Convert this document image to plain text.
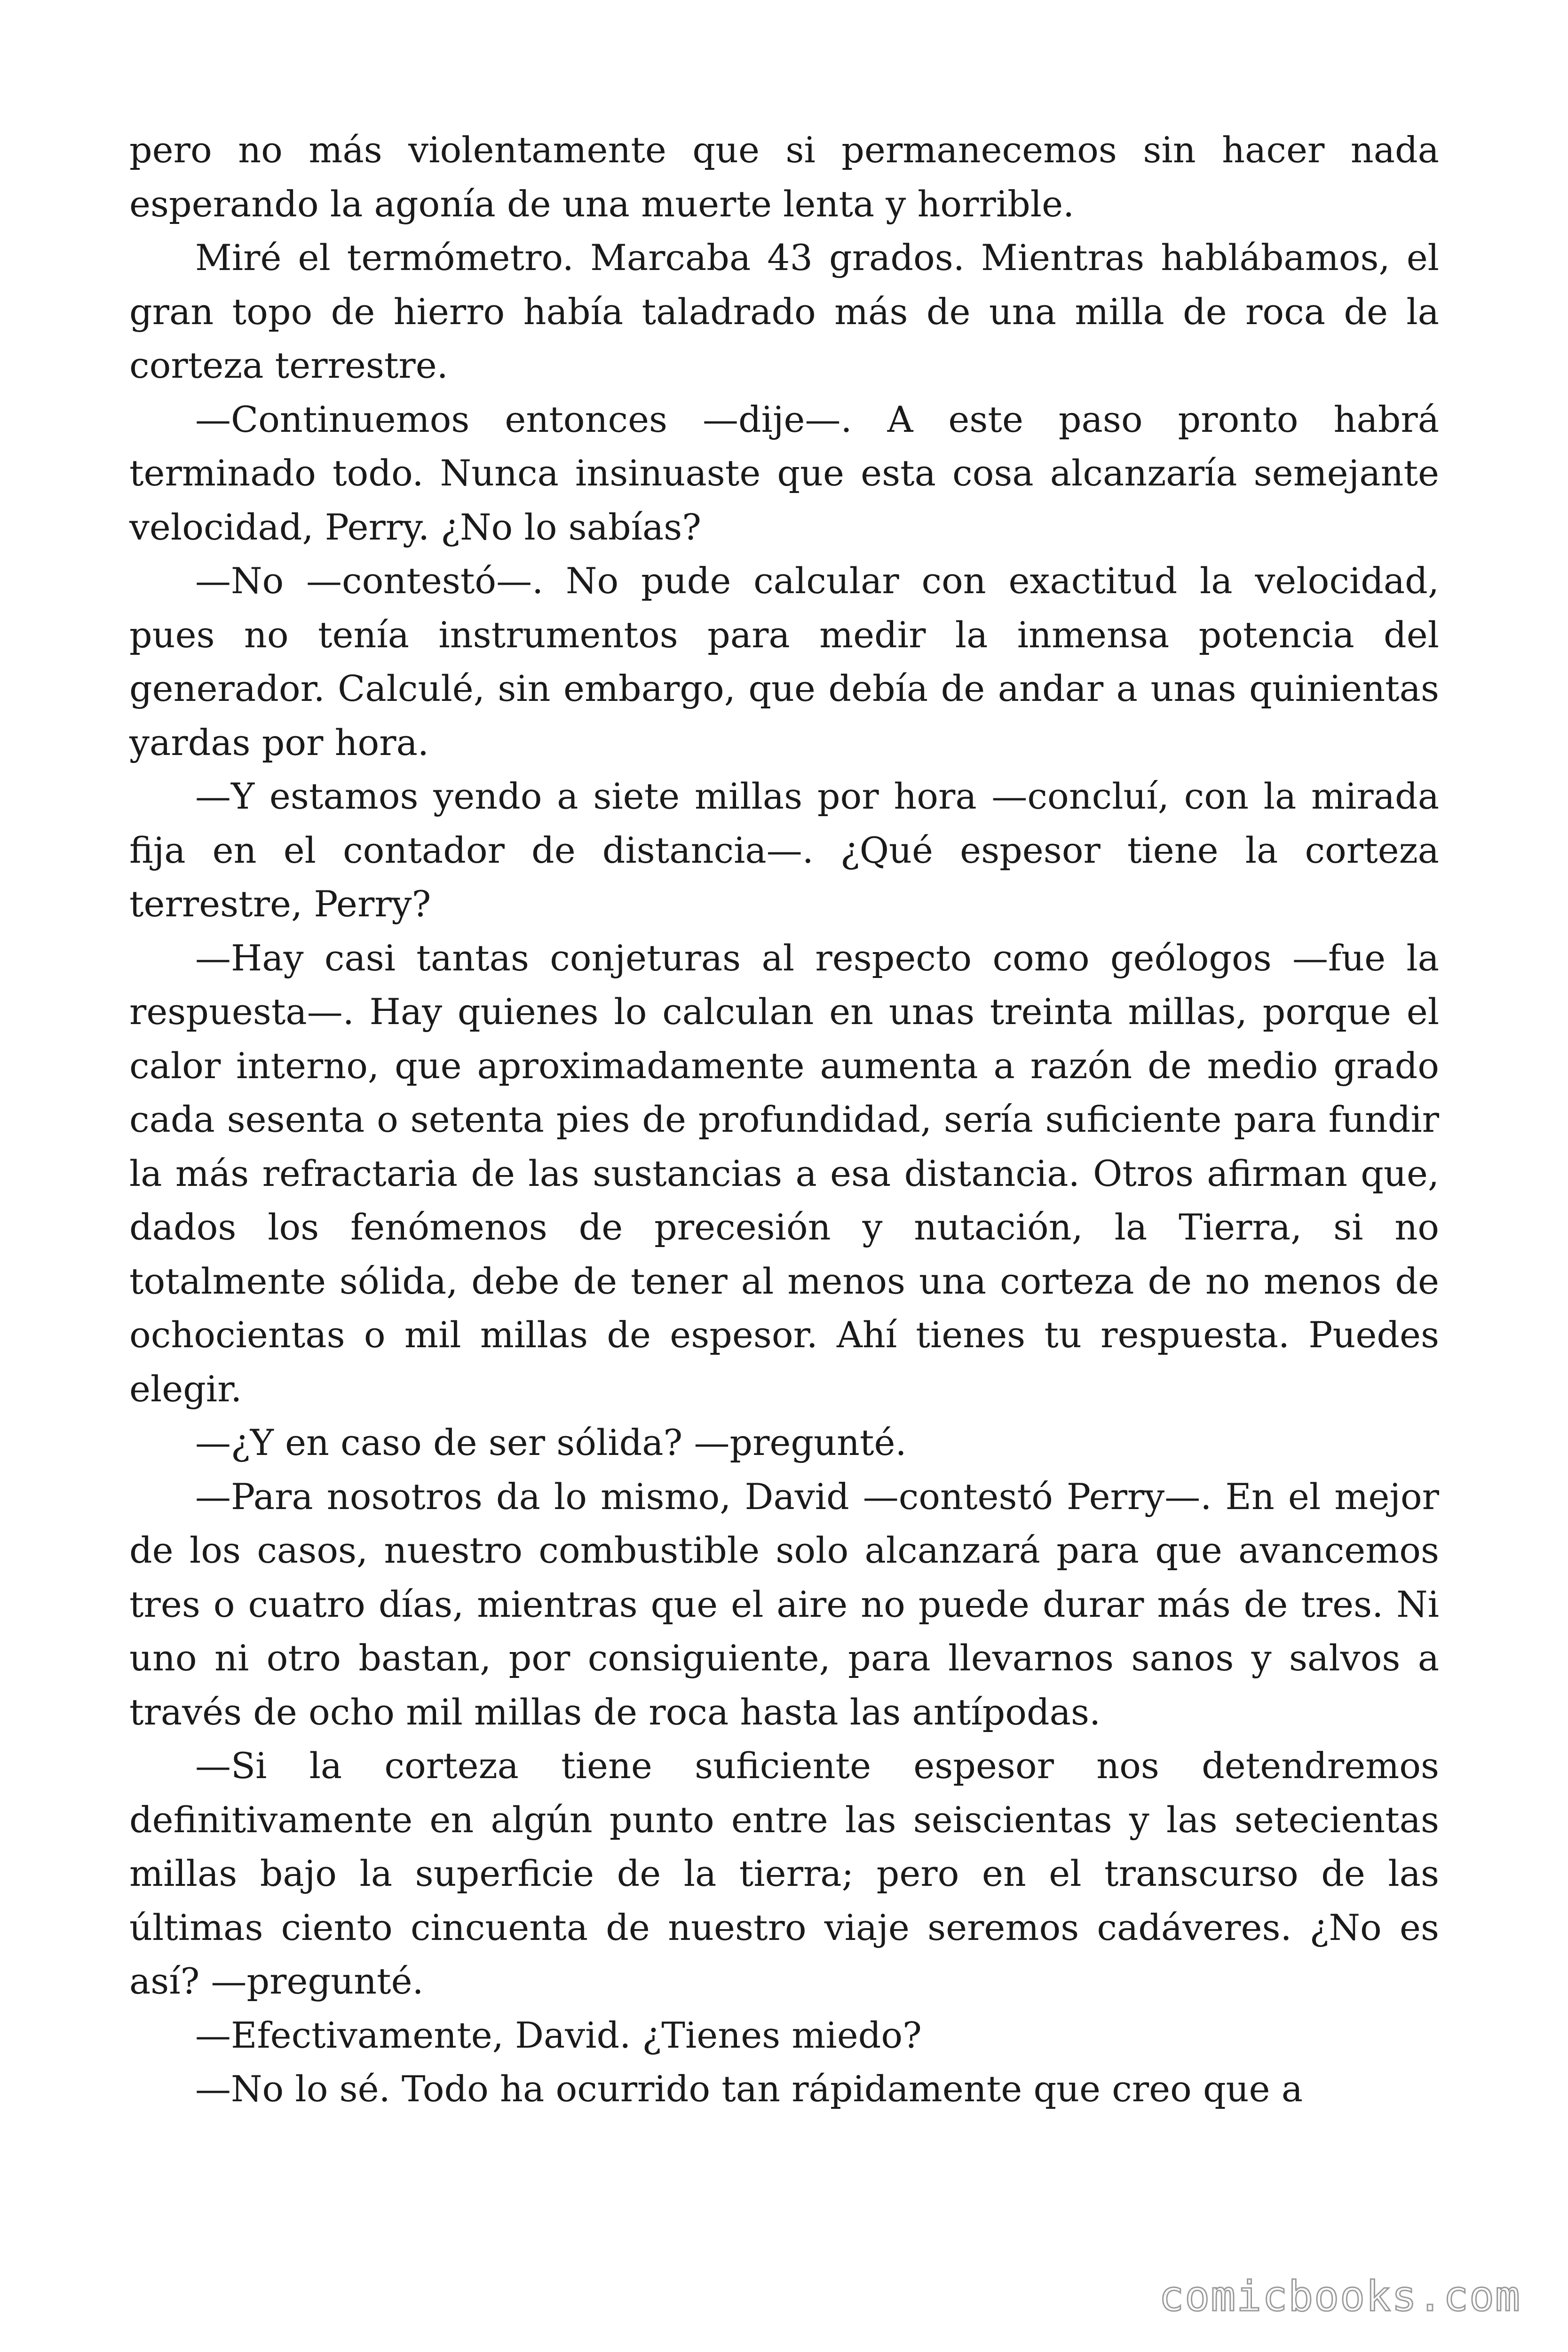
pero no más violentamente que si permanecemos sin hacer nada esperando la agonía de una muerte lenta y horrible.

Miré el termómetro. Marcaba 43 grados. Mientras hablábamos, el gran topo de hierro había taladrado más de una milla de roca de la corteza terrestre.

—Continuemos entonces —dije—. A este paso pronto habrá terminado todo. Nunca insinuaste que esta cosa alcanzaría semejante velocidad, Perry. ¿No lo sabías?

—No —contestó—. No pude calcular con exactitud la velocidad, pues no tenía instrumentos para medir la inmensa potencia del generador. Calculé, sin embargo, que debía de andar a unas quinientas yardas por hora.

—Y estamos yendo a siete millas por hora —concluí, con la mirada fija en el contador de distancia—. ¿Qué espesor tiene la corteza terrestre, Perry?

—Hay casi tantas conjeturas al respecto como geólogos —fue la respuesta—. Hay quienes lo calculan en unas treinta millas, porque el calor interno, que aproximadamente aumenta a razón de medio grado cada sesenta o setenta pies de profundidad, sería suficiente para fundir la más refractaria de las sustancias a esa distancia. Otros afirman que, dados los fenómenos de precesión y nutación, la Tierra, si no totalmente sólida, debe de tener al menos una corteza de no menos de ochocientas o mil millas de espesor. Ahí tienes tu respuesta. Puedes elegir.

—¿Y en caso de ser sólida? —pregunté.

—Para nosotros da lo mismo, David —contestó Perry—. En el mejor de los casos, nuestro combustible solo alcanzará para que avancemos tres o cuatro días, mientras que el aire no puede durar más de tres. Ni uno ni otro bastan, por consiguiente, para llevarnos sanos y salvos a través de ocho mil millas de roca hasta las antípodas.

—Si la corteza tiene suficiente espesor nos detendremos definitivamente en algún punto entre las seiscientas y las setecientas millas bajo la superficie de la tierra; pero en el transcurso de las últimas ciento cincuenta de nuestro viaje seremos cadáveres. ¿No es así? —pregunté.

—Efectivamente, David. ¿Tienes miedo?

—No lo sé. Todo ha ocurrido tan rápidamente que creo que a

comicbooks.com
